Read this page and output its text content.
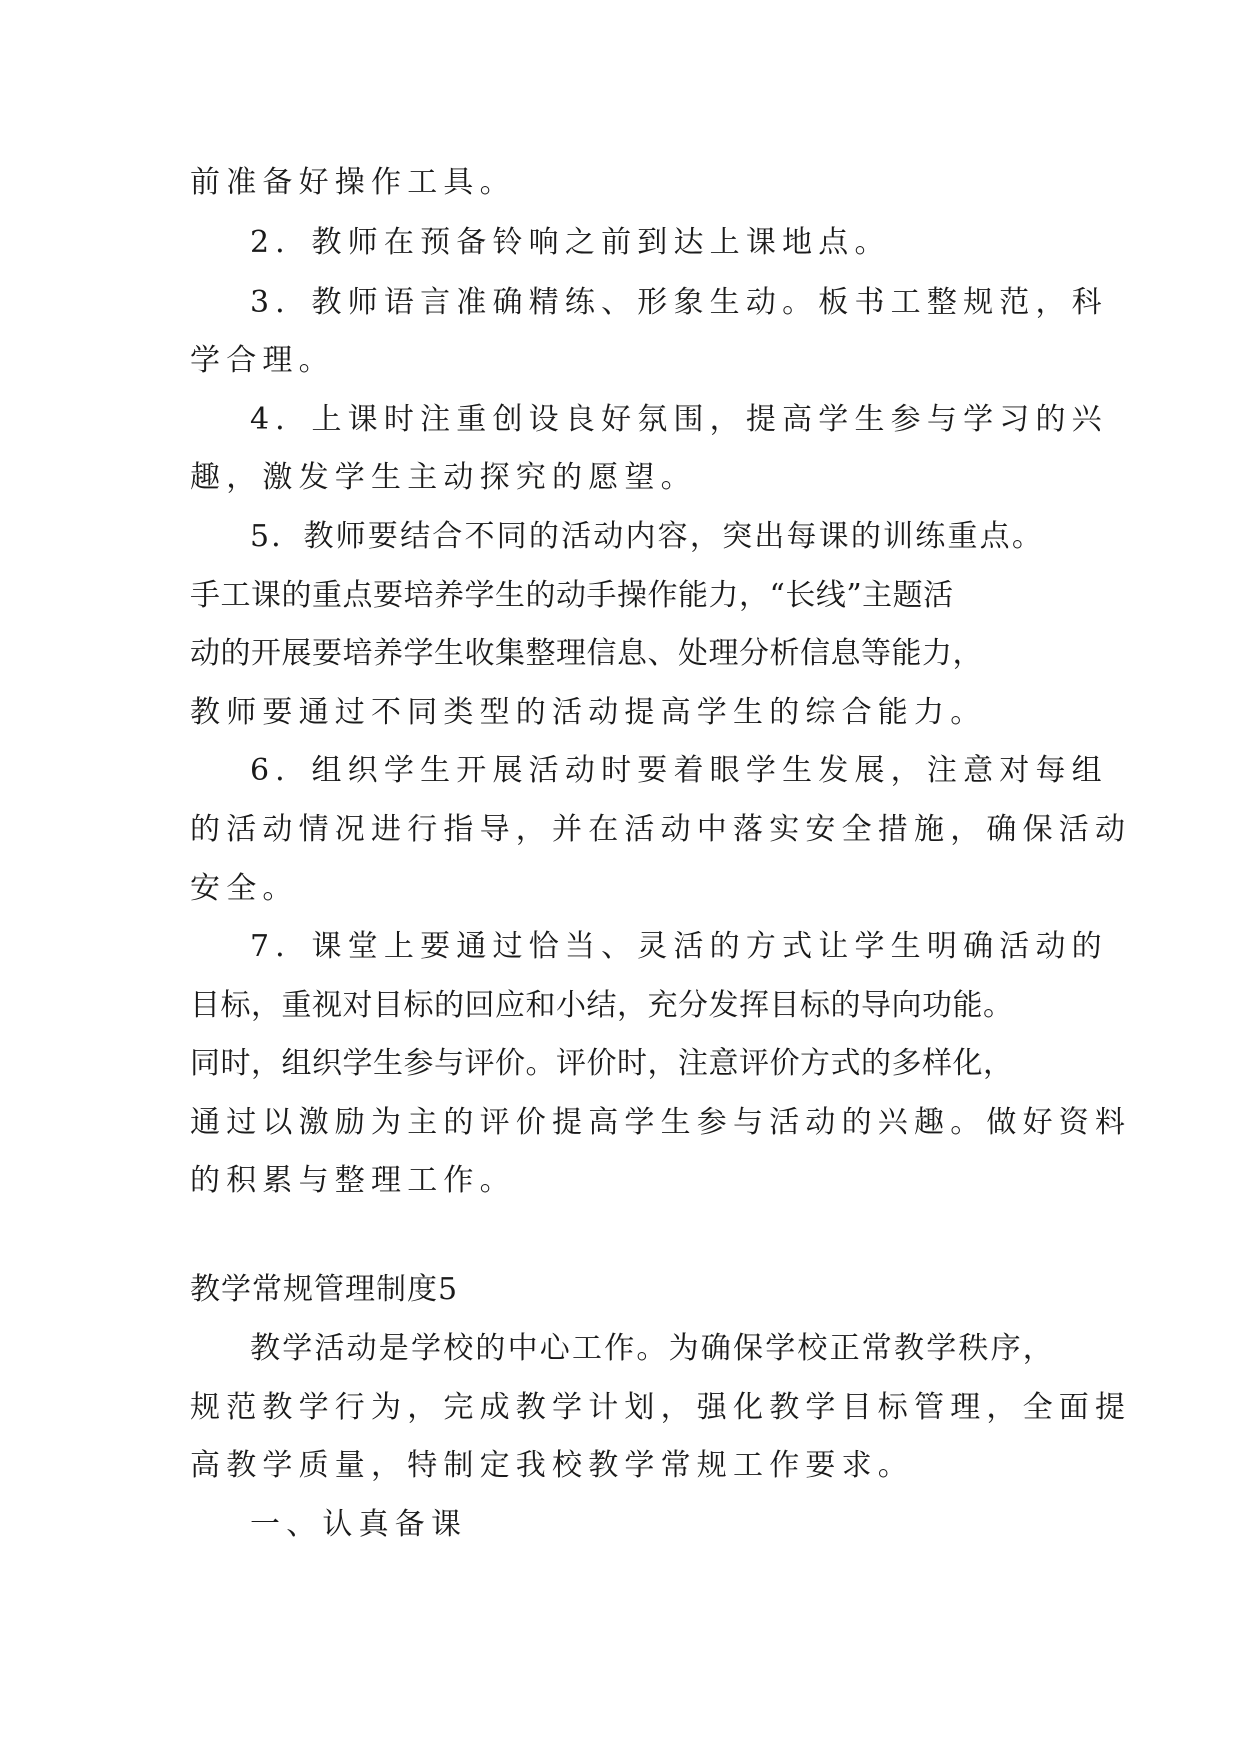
前准备好操作工具。
2．教师在预备铃响之前到达上课地点。
3．教师语言准确精练、形象生动。板书工整规范，科
学合理。
4．上课时注重创设良好氛围，提高学生参与学习的兴
趣，激发学生主动探究的愿望。
5．教师要结合不同的活动内容，突出每课的训练重点。
手工课的重点要培养学生的动手操作能力，“长线”主题活
动的开展要培养学生收集整理信息、处理分析信息等能力，
教师要通过不同类型的活动提高学生的综合能力。
6．组织学生开展活动时要着眼学生发展，注意对每组
的活动情况进行指导，并在活动中落实安全措施，确保活动
安全。
7．课堂上要通过恰当、灵活的方式让学生明确活动的
目标，重视对目标的回应和小结，充分发挥目标的导向功能。
同时，组织学生参与评价。评价时，注意评价方式的多样化，
通过以激励为主的评价提高学生参与活动的兴趣。做好资料
的积累与整理工作。
教学常规管理制度5
教学活动是学校的中心工作。为确保学校正常教学秩序，
规范教学行为，完成教学计划，强化教学目标管理，全面提
高教学质量，特制定我校教学常规工作要求。
一、认真备课
